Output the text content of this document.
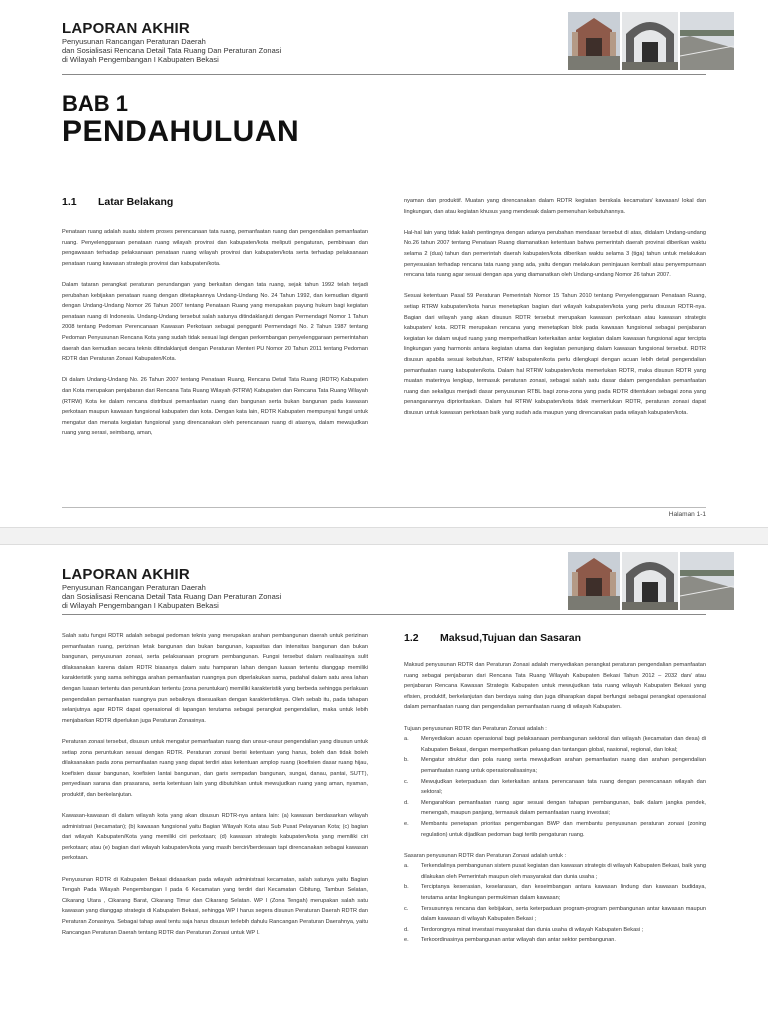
LAPORAN AKHIR
Penyusunan Rancangan Peraturan Daerah
dan Sosialisasi Rencana Detail Tata Ruang Dan Peraturan Zonasi
di Wilayah Pengembangan I Kabupaten Bekasi
BAB 1
PENDAHULUAN
1.1 Latar Belakang

Penataan ruang adalah suatu sistem proses perencanaan tata ruang, pemanfaatan ruang dan pengendalian pemanfaatan ruang. Penyelenggaraan penataan ruang wilayah provinsi dan kabupaten/kota meliputi pengaturan, pembinaan dan pengawasan terhadap pelaksanaan penataan ruang wilayah provinsi dan kabupaten/kota serta terhadap pelaksanaan penataan ruang kawasan strategis provinsi dan kabupaten/kota.

Dalam tataran perangkat peraturan perundangan yang berkaitan dengan tata ruang, sejak tahun 1992 telah terjadi perubahan kebijakan penataan ruang dengan ditetapkannya Undang-Undang No. 24 Tahun 1992, dan kemudian diganti dengan Undang-Undang Nomor 26 Tahun 2007 tentang Penataan Ruang yang merupakan payung hukum bagi kegiatan penataan ruang di Indonesia. Undang-Undang tersebut salah satunya ditindaklanjuti dengan Permendagri Nomor 1 Tahun 2008 tentang Pedoman Perencanaan Kawasan Perkotaan sebagai pengganti Permendagri No. 2 Tahun 1987 tentang Pedoman Penyusunan Rencana Kota yang sudah tidak sesuai lagi dengan perkembangan penyelenggaraan pemerintahan daerah dan kemudian secara teknis ditindaklanjuti dengan Peraturan Menteri PU Nomor 20 Tahun 2011 tentang Pedoman RDTR dan Peraturan Zonasi Kabupaten/Kota.

Di dalam Undang-Undang No. 26 Tahun 2007 tentang Penataan Ruang, Rencana Detail Tata Ruang (RDTR) Kabupaten dan Kota merupakan penjabaran dari Rencana Tata Ruang Wilayah (RTRW) Kabupaten dan Rencana Tata Ruang Wilayah (RTRW) Kota ke dalam rencana distribusi pemanfaatan ruang dan bangunan serta bukan bangunan pada kawasan perkotaan maupun kawasan fungsional kabupaten dan kota. Dengan kata lain, RDTR Kabupaten mempunyai fungsi untuk mengatur dan menata kegiatan fungsional yang direncanakan oleh perencanaan ruang di atasnya, dalam mewujudkan ruang yang serasi, seimbang, aman,

nyaman dan produktif. Muatan yang direncanakan dalam RDTR kegiatan berskala kecamatan/ kawasan/ lokal dan lingkungan, dan atau kegiatan khusus yang mendesak dalam pemenuhan kebutuhannya.

Hal-hal lain yang tidak kalah pentingnya dengan adanya perubahan mendasar tersebut di atas, didalam Undang-undang No.26 tahun 2007 tentang Penataan Ruang diamanatkan ketentuan bahwa pemerintah daerah provinsi diberikan waktu selama 2 (dua) tahun dan pemerintah daerah kabupaten/kota diberikan waktu selama 3 (tiga) tahun untuk melakukan penyesuaian terhadap rencana tata ruang yang ada, yaitu dengan melakukan peninjauan kembali atau penyempurnaan rencana tata ruang agar sesuai dengan apa yang diamanatkan oleh Undang-undang Nomor 26 tahun 2007.

Sesuai ketentuan Pasal 59 Peraturan Pemerintah Nomor 15 Tahun 2010 tentang Penyelenggaraan Penataan Ruang, setiap RTRW kabupaten/kota harus menetapkan bagian dari wilayah kabupaten/kota yang perlu disusun RDTR-nya. Bagian dari wilayah yang akan disusun RDTR tersebut merupakan kawasan perkotaan atau kawasan strategis kabupaten/ kota. RDTR merupakan rencana yang menetapkan blok pada kawasan fungsional sebagai penjabaran kegiatan ke dalam wujud ruang yang memperhatikan keterkaitan antar kegiatan dalam kawasan fungsional agar tercipta lingkungan yang harmonis antara kegiatan utama dan kegiatan penunjang dalam kawasan fungsional tersebut. RDTR disusun apabila sesuai kebutuhan, RTRW kabupaten/kota perlu dilengkapi dengan acuan lebih detail pengendalian pemanfaatan ruang kabupaten/kota. Dalam hal RTRW kabupaten/kota memerlukan RDTR, maka disusun RDTR yang muatan materinya lengkap, termasuk peraturan zonasi, sebagai salah satu dasar dalam pengendalian pemanfaatan ruang dan sekaligus menjadi dasar penyusunan RTBL bagi zona-zona yang pada RDTR ditentukan sebagai zona yang penanganannya diprioritaskan. Dalam hal RTRW kabupaten/kota tidak memerlukan RDTR, peraturan zonasi dapat disusun untuk kawasan perkotaan baik yang sudah ada maupun yang direncanakan pada wilayah kabupaten/kota.

Halaman 1-1
LAPORAN AKHIR
Penyusunan Rancangan Peraturan Daerah
dan Sosialisasi Rencana Detail Tata Ruang Dan Peraturan Zonasi
di Wilayah Pengembangan I Kabupaten Bekasi

Salah satu fungsi RDTR adalah sebagai pedoman teknis yang merupakan arahan pembangunan daerah untuk perizinan pemanfaatan ruang, perizinan letak bangunan dan bukan bangunan, kapasitas dan intensitas bangunan dan bukan bangunan, penyusunan zonasi, serta pelaksanaan program pembangunan. Fungsi tersebut dalam realisasinya sulit dilaksanakan karena dalam RDTR biasanya dalam satu hamparan lahan dengan luasan tertentu dianggap memiliki karakteristik yang sama sehingga arahan pemanfaatan ruangnya pun diperlakukan sama, padahal dalam satu area lahan dengan luasan tertentu dan peruntukan tertentu (zona peruntukan) memiliki karakteristik yang berbeda sehingga perlakuan pengendalian pemanfaatan ruangnya pun sebaiknya disesuaikan dengan karakteristiknya. Oleh sebab itu, pada tahapan selanjutnya agar RDTR dapat operasional di lapangan terutama sebagai perangkat pengendalian, maka untuk lebih menjabarkan RDTR diperlukan juga Peraturan Zonasinya.

Peraturan zonasi tersebut, disusun untuk mengatur pemanfaatan ruang dan unsur-unsur pengendalian yang disusun untuk setiap zona peruntukan sesuai dengan RDTR. Peraturan zonasi berisi ketentuan yang harus, boleh dan tidak boleh dilaksanakan pada zona pemanfaatan ruang yang dapat terdiri atas ketentuan amplop ruang (koefisien dasar ruang hijau, koefisien dasar bangunan, koefisien lantai bangunan, dan garis sempadan bangunan, sungai, danau, pantai, SUTT), penyediaan sarana dan prasarana, serta ketentuan lain yang dibutuhkan untuk mewujudkan ruang yang aman, nyaman, produktif, dan berkelanjutan.

Kawasan-kawasan di dalam wilayah kota yang akan disusun RDTR-nya antara lain: (a) kawasan berdasarkan wilayah administrasi (kecamatan); (b) kawasan fungsional yaitu Bagian Wilayah Kota atau Sub Pusat Pelayanan Kota; (c) bagian dari wilayah Kabupaten/Kota yang memiliki ciri perkotaan; (d) kawasan strategis kabupaten/kota yang memiliki ciri perkotaan; atau (e) bagian dari wilayah kabupaten/kota yang masih berciri/berdesaan tapi direncanakan sebagai kawasan perkotaan.

Penyusunan RDTR di Kabupaten Bekasi didasarkan pada wilayah administrasi kecamatan, salah satunya yaitu Bagian Tengah Pada Wilayah Pengembangan I pada 6 Kecamatan yang terdiri dari Kecamatan Cibitung, Tambun Selatan, Cikarang Utara , Cikarang Barat, Cikarang Timur dan Cikarang Selatan. WP I (Zona Tengah) merupakan salah satu kawasan yang dianggap strategis di Kabupaten Bekasi, sehingga WP I harus segera disusun Peraturan Daerah RDTR dan Peraturan Zonasinya. Sebagai tahap awal tentu saja harus disusun terlebih dahulu Rancangan Peraturan Daerahnya, yaitu Rancangan Peraturan Daerah tentang RDTR dan Peraturan Zonasi untuk WP I.

1.2 Maksud,Tujuan dan Sasaran

Maksud penyusunan RDTR dan Peraturan Zonasi adalah menyediakan perangkat peraturan pengendalian pemanfaatan ruang sebagai penjabaran dari Rencana Tata Ruang Wilayah Kabupaten Bekasi Tahun 2012 – 2032 dan/ atau penjabaran Rencana Kawasan Strategis Kabupaten untuk mewujudkan tata ruang wilayah Kabupaten Bekasi yang efisien, produktif, berkelanjutan dan berdaya saing dan juga diharapkan dapat berfungsi sebagai perangkat operasional dalam pemanfaatan ruang dan pengendalian pemanfaatan ruang di wilayah Kabupaten.

Tujuan penyusunan RDTR dan Peraturan Zonasi adalah :
a.	Menyediakan acuan operasional bagi pelaksanaan pembangunan sektoral dan wilayah (kecamatan dan desa) di Kabupaten Bekasi, dengan memperhatikan peluang dan tantangan global, nasional, regional, dan lokal;
b.	Mengatur struktur dan pola ruang serta mewujudkan arahan pemanfaatan ruang dan arahan pengendalian pemanfaatan ruang untuk operasionalisasinya;
c.	Mewujudkan keterpaduan dan keterkaitan antara perencanaan tata ruang dengan perencanaan wilayah dan sektoral;
d.	Mengarahkan pemanfaatan ruang agar sesuai dengan tahapan pembangunan, baik dalam jangka pendek, menengah, maupun panjang, termasuk dalam pemanfaatan ruang investasi;
e.	Membantu penetapan prioritas pengembangan BWP dan membantu penyusunan peraturan zonasi (zoning regulation) untuk dijadikan pedoman bagi tertib pengaturan ruang.
Sasaran penyusunan RDTR dan Peraturan Zonasi adalah untuk :
a.	Terkendalinya pembangunan sistem pusat kegiatan dan kawasan strategis di wilayah Kabupaten Bekasi, baik yang dilakukan oleh Pemerintah maupun oleh masyarakat dan dunia usaha ;
b.	Terciptanya keserasian, keselarasan, dan keseimbangan antara kawasan lindung dan kawasan budidaya, terutama antar lingkungan permukiman dalam kawasan;
c.	Tersusunnya rencana dan kebijakan, serta keterpaduan program-program pembangunan antar kawasan maupun dalam kawasan di wilayah Kabupaten Bekasi ;
d.	Terdorongnya minat investasi masyarakat dan dunia usaha di wilayah Kabupaten Bekasi ;
e.	Terkoordinasinya pembangunan antar wilayah dan antar sektor pembangunan.
